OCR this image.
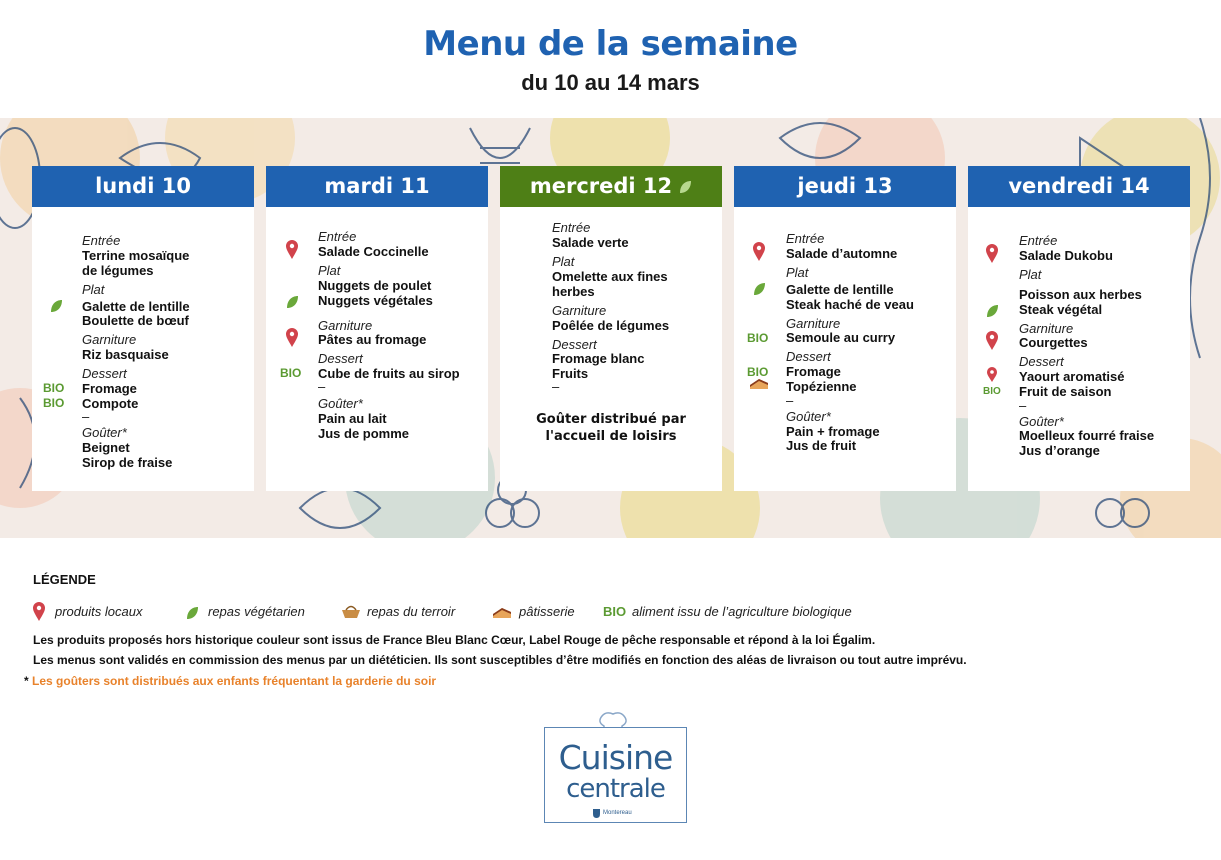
Menu de la semaine
du 10 au 14 mars
lundi 10
Entrée
Terrine mosaïque
de légumes
Plat
Galette de lentille
Boulette de bœuf
Garniture
Riz basquaise
Dessert
BIO Fromage
BIO Compote
–
Goûter*
Beignet
Sirop de fraise
mardi 11
Entrée
Salade Coccinelle
Plat
Nuggets de poulet
Nuggets végétales
Garniture
Pâtes au fromage
Dessert
BIO Cube de fruits au sirop
–
Goûter*
Pain au lait
Jus de pomme
mercredi 12
Entrée
Salade verte
Plat
Omelette aux fines
herbes
Garniture
Poêlée de légumes
Dessert
Fromage blanc
Fruits
–
Goûter distribué par
l'accueil de loisirs
jeudi 13
Entrée
Salade d’automne
Plat
Galette de lentille
Steak haché de veau
Garniture
BIO Semoule au curry
Dessert
BIO Fromage
Topézienne
–
Goûter*
Pain + fromage
Jus de fruit
vendredi 14
Entrée
Salade Dukobu
Plat
Poisson aux herbes
Steak végétal
Garniture
Courgettes
Dessert
Yaourt aromatisé
BIO Fruit de saison
–
Goûter*
Moelleux fourré fraise
Jus d’orange
LÉGENDE
produits locaux	repas végétarien	repas du terroir	pâtisserie BIO aliment issu de l’agriculture biologique
Les produits proposés hors historique couleur sont issus de France Bleu Blanc Cœur, Label Rouge de pêche responsable et répond à la loi Égalim.
Les menus sont validés en commission des menus par un diététicien. Ils sont susceptibles d’être modifiés en fonction des aléas de livraison ou tout autre imprévu.
* Les goûters sont distribués aux enfants fréquentant la garderie du soir
Cuisine
centrale
Montereau
